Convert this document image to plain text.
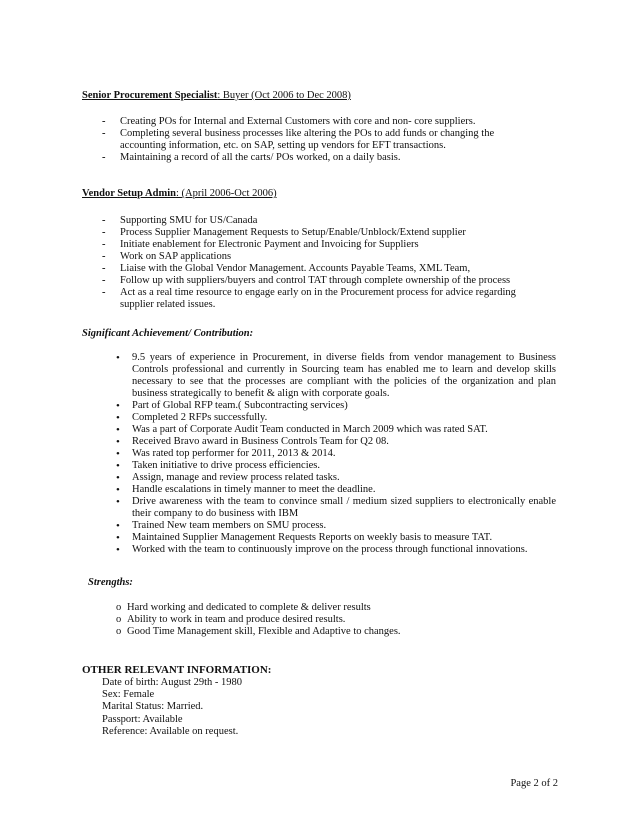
Senior Procurement Specialist: Buyer (Oct 2006 to Dec 2008)
- Creating POs for Internal and External Customers with core and non- core suppliers.
- Completing several business processes like altering the POs to add funds or changing the accounting information, etc. on SAP, setting up vendors for EFT transactions.
- Maintaining a record of all the carts/ POs worked, on a daily basis.
Vendor Setup Admin: (April 2006-Oct 2006)
- Supporting SMU for US/Canada
- Process Supplier Management Requests to Setup/Enable/Unblock/Extend supplier
- Initiate enablement for Electronic Payment and Invoicing for Suppliers
- Work on SAP applications
- Liaise with the Global Vendor Management. Accounts Payable Teams, XML Team,
- Follow up with suppliers/buyers and control TAT through complete ownership of the process
- Act as a real time resource to engage early on in the Procurement process for advice regarding supplier related issues.
Significant Achievement/ Contribution:
• 9.5 years of experience in Procurement, in diverse fields from vendor management to Business Controls professional and currently in Sourcing team has enabled me to learn and develop skills necessary to see that the processes are compliant with the policies of the organization and plan business strategically to benefit & align with corporate goals.
• Part of Global RFP team.( Subcontracting services)
• Completed 2 RFPs successfully.
• Was a part of Corporate Audit Team conducted in March 2009 which was rated SAT.
• Received Bravo award in Business Controls Team for Q2 08.
• Was rated top performer for 2011, 2013 & 2014.
• Taken initiative to drive process efficiencies.
• Assign, manage and review process related tasks.
• Handle escalations in timely manner to meet the deadline.
• Drive awareness with the team to convince small / medium sized suppliers to electronically enable their company to do business with IBM
• Trained New team members on SMU process.
• Maintained Supplier Management Requests Reports on weekly basis to measure TAT.
• Worked with the team to continuously improve on the process through functional innovations.
Strengths:
o Hard working and dedicated to complete & deliver results
o Ability to work in team and produce desired results.
o Good Time Management skill, Flexible and Adaptive to changes.
OTHER RELEVANT INFORMATION:
Date of birth: August 29th - 1980
Sex: Female
Marital Status: Married.
Passport: Available
Reference: Available on request.
Page 2 of 2
